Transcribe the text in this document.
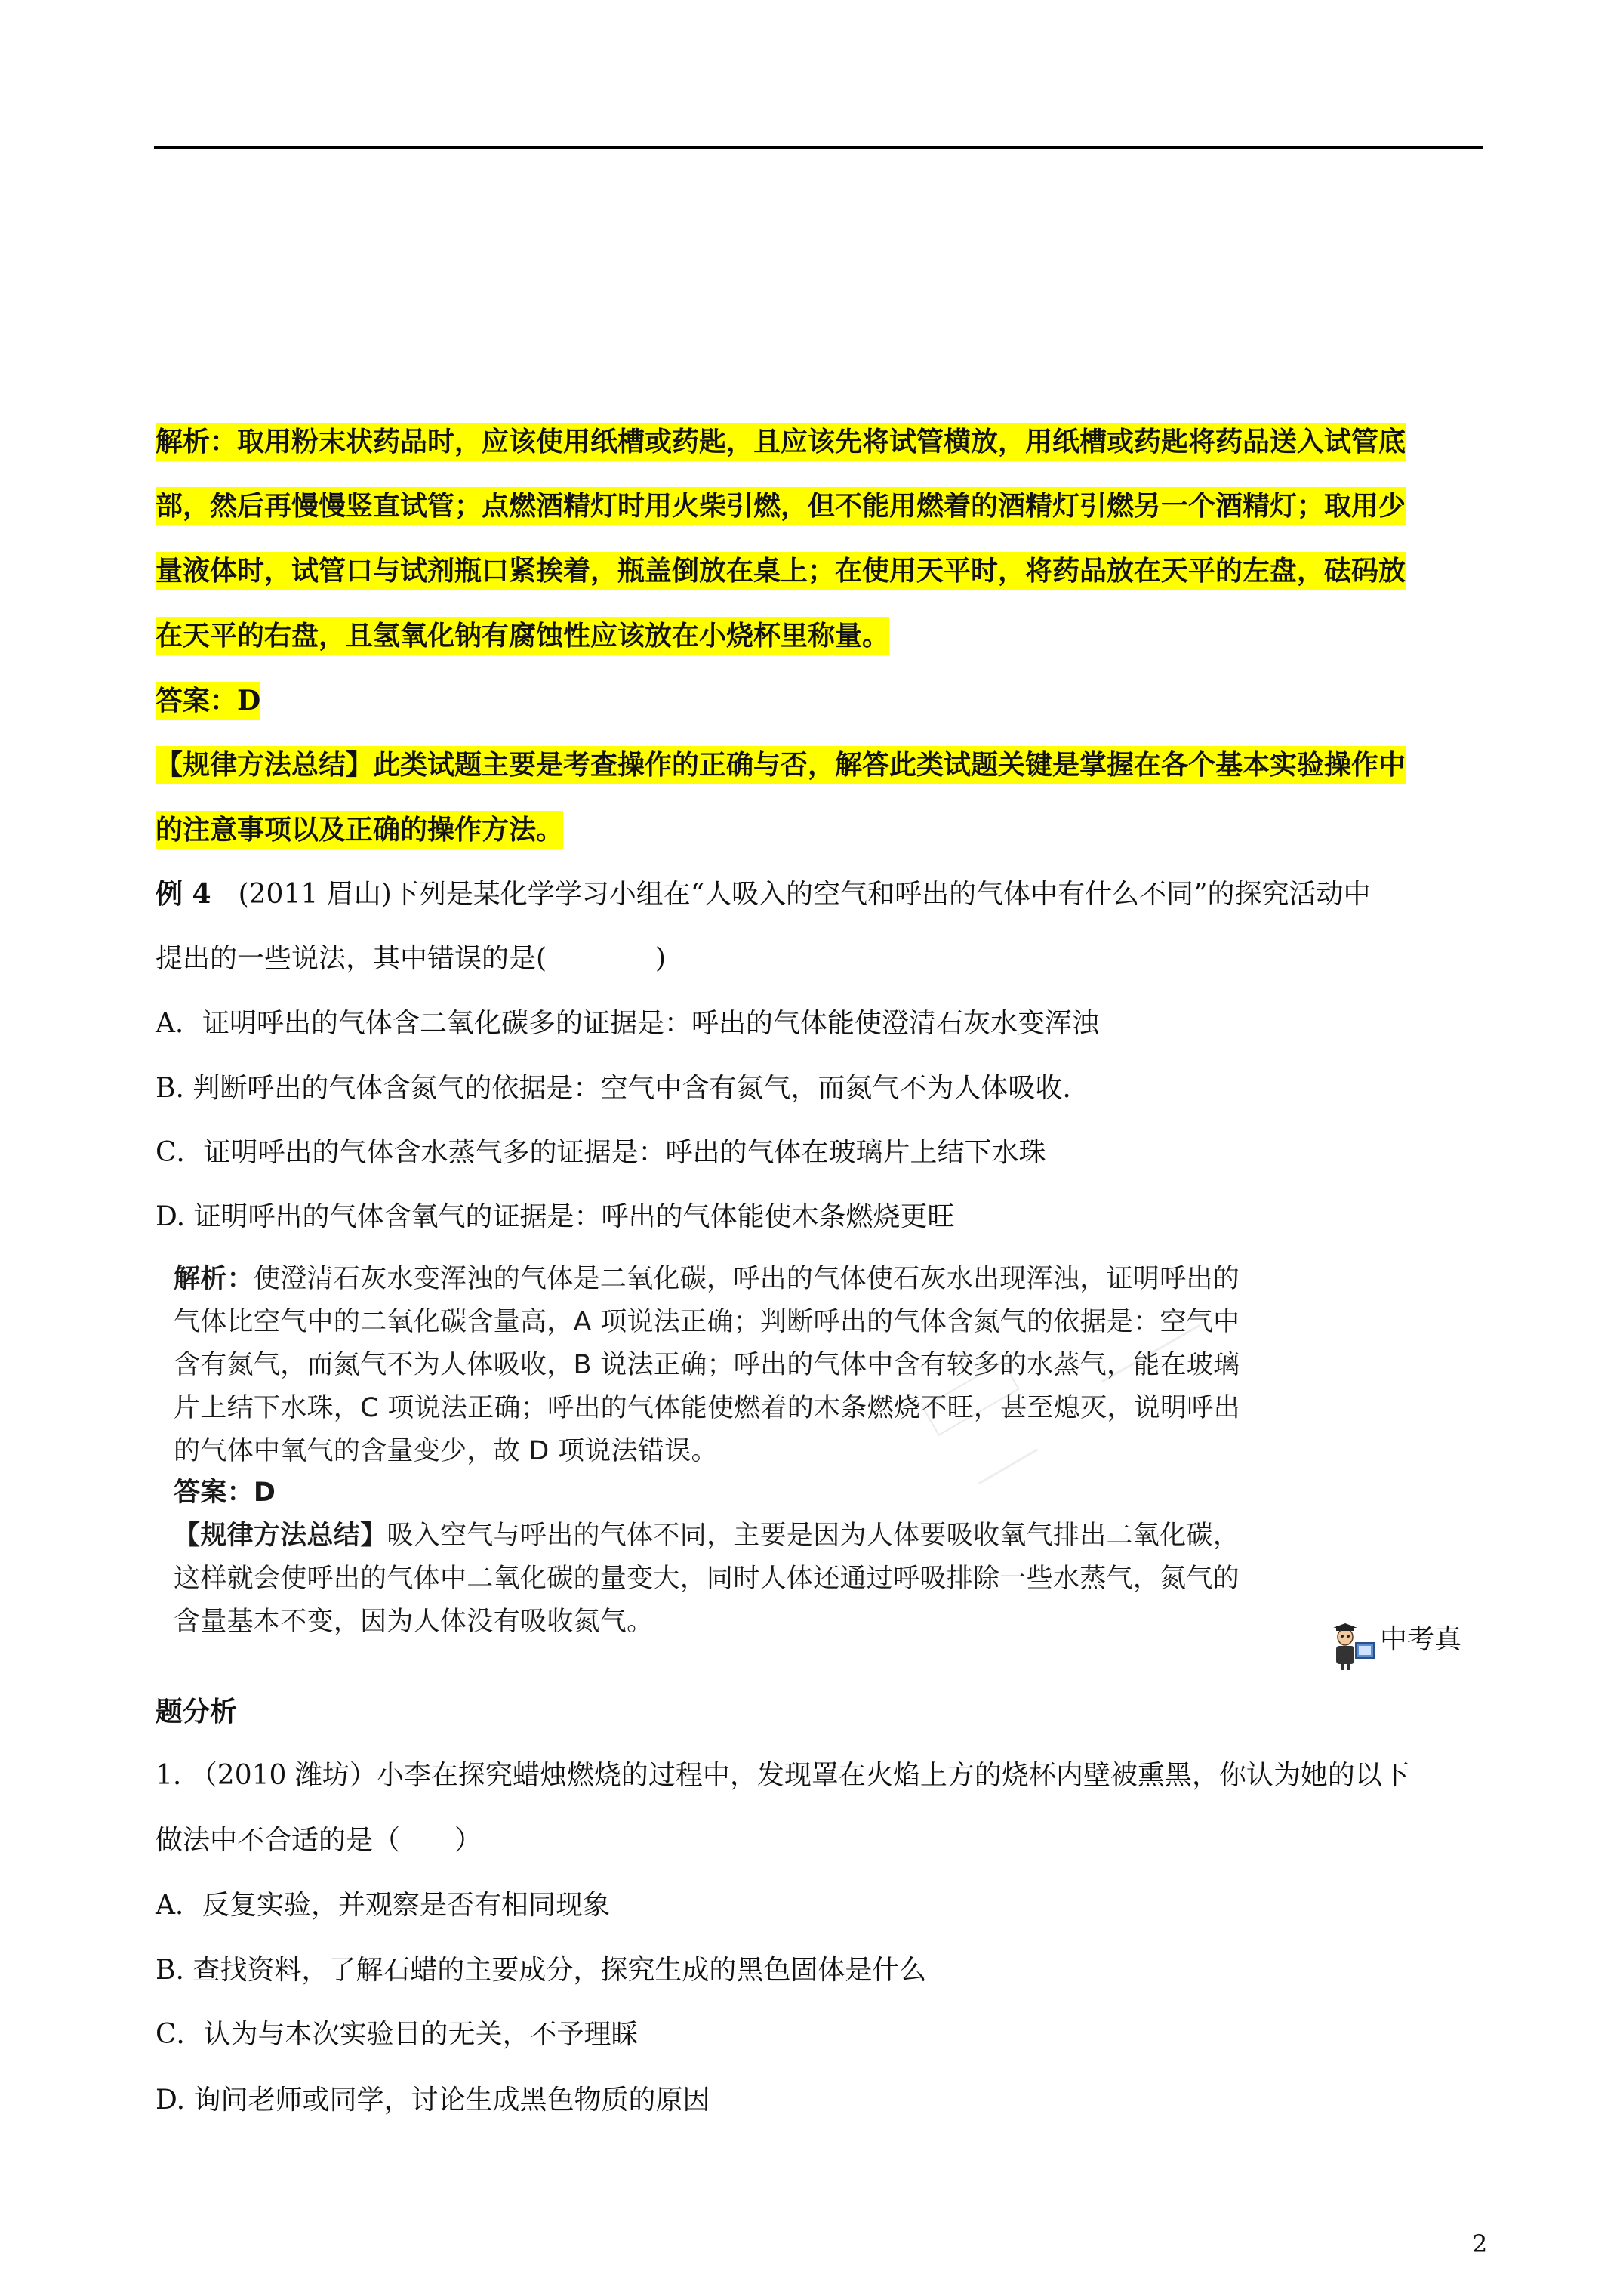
解析：取用粉末状药品时，应该使用纸槽或药匙，且应该先将试管横放，用纸槽或药匙将药品送入试管底
部，然后再慢慢竖直试管；点燃酒精灯时用火柴引燃，但不能用燃着的酒精灯引燃另一个酒精灯；取用少
量液体时，试管口与试剂瓶口紧挨着，瓶盖倒放在桌上；在使用天平时，将药品放在天平的左盘，砝码放
在天平的右盘，且氢氧化钠有腐蚀性应该放在小烧杯里称量。
答案：D
【规律方法总结】此类试题主要是考查操作的正确与否，解答此类试题关键是掌握在各个基本实验操作中
的注意事项以及正确的操作方法。
例 4　(2011 眉山)下列是某化学学习小组在“人吸入的空气和呼出的气体中有什么不同”的探究活动中
提出的一些说法，其中错误的是(　　　　)
A．证明呼出的气体含二氧化碳多的证据是：呼出的气体能使澄清石灰水变浑浊
B. 判断呼出的气体含氮气的依据是：空气中含有氮气，而氮气不为人体吸收.
C．证明呼出的气体含水蒸气多的证据是：呼出的气体在玻璃片上结下水珠
D. 证明呼出的气体含氧气的证据是：呼出的气体能使木条燃烧更旺
解析：使澄清石灰水变浑浊的气体是二氧化碳，呼出的气体使石灰水出现浑浊，证明呼出的
气体比空气中的二氧化碳含量高，A 项说法正确；判断呼出的气体含氮气的依据是：空气中
含有氮气，而氮气不为人体吸收，B 说法正确；呼出的气体中含有较多的水蒸气，能在玻璃
片上结下水珠，C 项说法正确；呼出的气体能使燃着的木条燃烧不旺，甚至熄灭，说明呼出
的气体中氧气的含量变少，故 D 项说法错误。
答案：D
【规律方法总结】吸入空气与呼出的气体不同，主要是因为人体要吸收氧气排出二氧化碳，
这样就会使呼出的气体中二氧化碳的量变大，同时人体还通过呼吸排除一些水蒸气，氮气的
含量基本不变，因为人体没有吸收氮气。
中考真
题分析
1. （2010 潍坊）小李在探究蜡烛燃烧的过程中，发现罩在火焰上方的烧杯内壁被熏黑，你认为她的以下
做法中不合适的是（　　）
A．反复实验，并观察是否有相同现象
B. 查找资料，了解石蜡的主要成分，探究生成的黑色固体是什么
C．认为与本次实验目的无关，不予理睬
D. 询问老师或同学，讨论生成黑色物质的原因
2
